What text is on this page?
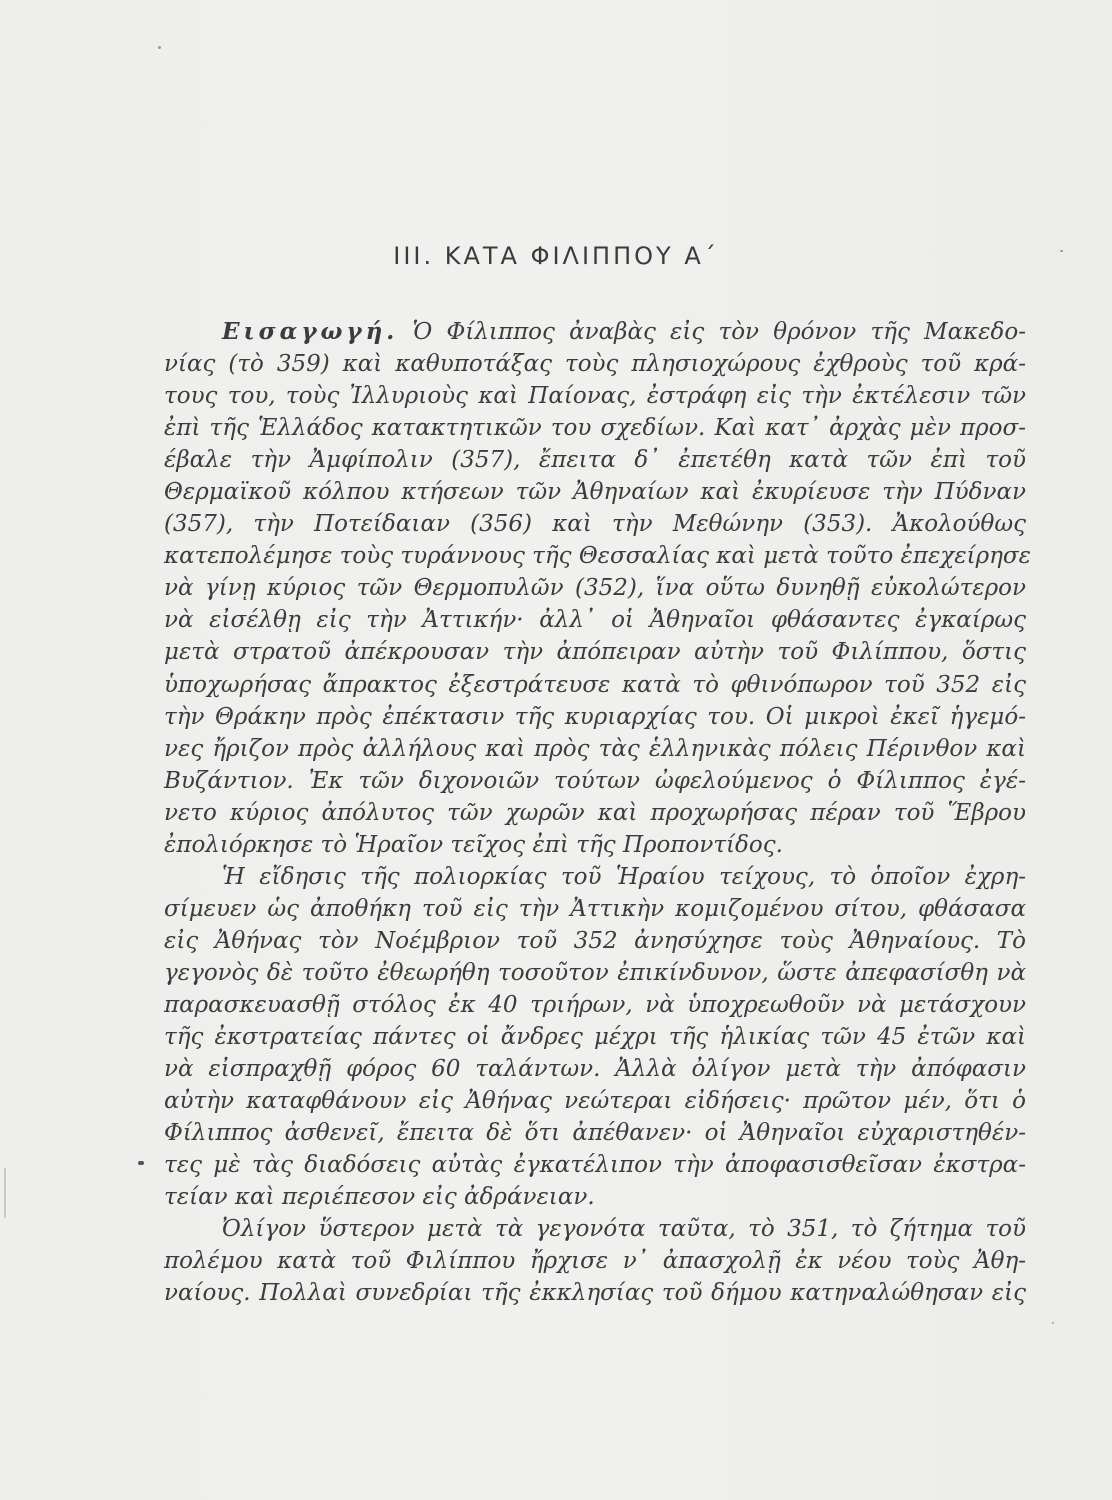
III. ΚΑΤΑ ΦΙΛΙΠΠΟΥ Α΄
Εισαγωγή. Ὁ Φίλιππος ἀναβὰς εἰς τὸν θρόνον τῆς Μακεδο-
νίας (τὸ 359) καὶ καθυποτάξας τοὺς πλησιοχώρους ἐχθροὺς τοῦ κρά-
τους του, τοὺς Ἰλλυριοὺς καὶ Παίονας, ἐστράφη εἰς τὴν ἐκτέλεσιν τῶν
ἐπὶ τῆς Ἑλλάδος κατακτητικῶν του σχεδίων. Καὶ κατ᾽ ἀρχὰς μὲν προσ-
έβαλε τὴν Ἀμφίπολιν (357), ἔπειτα δ᾽ ἐπετέθη κατὰ τῶν ἐπὶ τοῦ
Θερμαϊκοῦ κόλπου κτήσεων τῶν Ἀθηναίων καὶ ἐκυρίευσε τὴν Πύδναν
(357), τὴν Ποτείδαιαν (356) καὶ τὴν Μεθώνην (353). Ἀκολούθως
κατεπολέμησε τοὺς τυράννους τῆς Θεσσαλίας καὶ μετὰ τοῦτο ἐπεχείρησε
νὰ γίνῃ κύριος τῶν Θερμοπυλῶν (352), ἵνα οὕτω δυνηθῇ εὐκολώτερον
νὰ εἰσέλθῃ εἰς τὴν Ἀττικήν· ἀλλ᾽ οἱ Ἀθηναῖοι φθάσαντες ἐγκαίρως
μετὰ στρατοῦ ἀπέκρουσαν τὴν ἀπόπειραν αὐτὴν τοῦ Φιλίππου, ὅστις
ὑποχωρήσας ἄπρακτος ἐξεστράτευσε κατὰ τὸ φθινόπωρον τοῦ 352 εἰς
τὴν Θράκην πρὸς ἐπέκτασιν τῆς κυριαρχίας του. Οἱ μικροὶ ἐκεῖ ἡγεμό-
νες ἤριζον πρὸς ἀλλήλους καὶ πρὸς τὰς ἑλληνικὰς πόλεις Πέρινθον καὶ
Βυζάντιον. Ἐκ τῶν διχονοιῶν τούτων ὠφελούμενος ὁ Φίλιππος ἐγέ-
νετο κύριος ἀπόλυτος τῶν χωρῶν καὶ προχωρήσας πέραν τοῦ Ἕβρου
ἐπολιόρκησε τὸ Ἡραῖον τεῖχος ἐπὶ τῆς Προποντίδος.
Ἡ εἴδησις τῆς πολιορκίας τοῦ Ἡραίου τείχους, τὸ ὁποῖον ἐχρη-
σίμευεν ὡς ἀποθήκη τοῦ εἰς τὴν Ἀττικὴν κομιζομένου σίτου, φθάσασα
εἰς Ἀθήνας τὸν Νοέμβριον τοῦ 352 ἀνησύχησε τοὺς Ἀθηναίους. Τὸ
γεγονὸς δὲ τοῦτο ἐθεωρήθη τοσοῦτον ἐπικίνδυνον, ὥστε ἀπεφασίσθη νὰ
παρασκευασθῇ στόλος ἐκ 40 τριήρων, νὰ ὑποχρεωθοῦν νὰ μετάσχουν
τῆς ἐκστρατείας πάντες οἱ ἄνδρες μέχρι τῆς ἡλικίας τῶν 45 ἐτῶν καὶ
νὰ εἰσπραχθῇ φόρος 60 ταλάντων. Ἀλλὰ ὀλίγον μετὰ τὴν ἀπόφασιν
αὐτὴν καταφθάνουν εἰς Ἀθήνας νεώτεραι εἰδήσεις· πρῶτον μέν, ὅτι ὁ
Φίλιππος ἀσθενεῖ, ἔπειτα δὲ ὅτι ἀπέθανεν· οἱ Ἀθηναῖοι εὐχαριστηθέν-
τες μὲ τὰς διαδόσεις αὐτὰς ἐγκατέλιπον τὴν ἀποφασισθεῖσαν ἐκστρα-
τείαν καὶ περιέπεσον εἰς ἀδράνειαν.
Ὀλίγον ὕστερον μετὰ τὰ γεγονότα ταῦτα, τὸ 351, τὸ ζήτημα τοῦ
πολέμου κατὰ τοῦ Φιλίππου ἤρχισε ν᾽ ἀπασχολῇ ἐκ νέου τοὺς Ἀθη-
ναίους. Πολλαὶ συνεδρίαι τῆς ἐκκλησίας τοῦ δήμου κατηναλώθησαν εἰς
